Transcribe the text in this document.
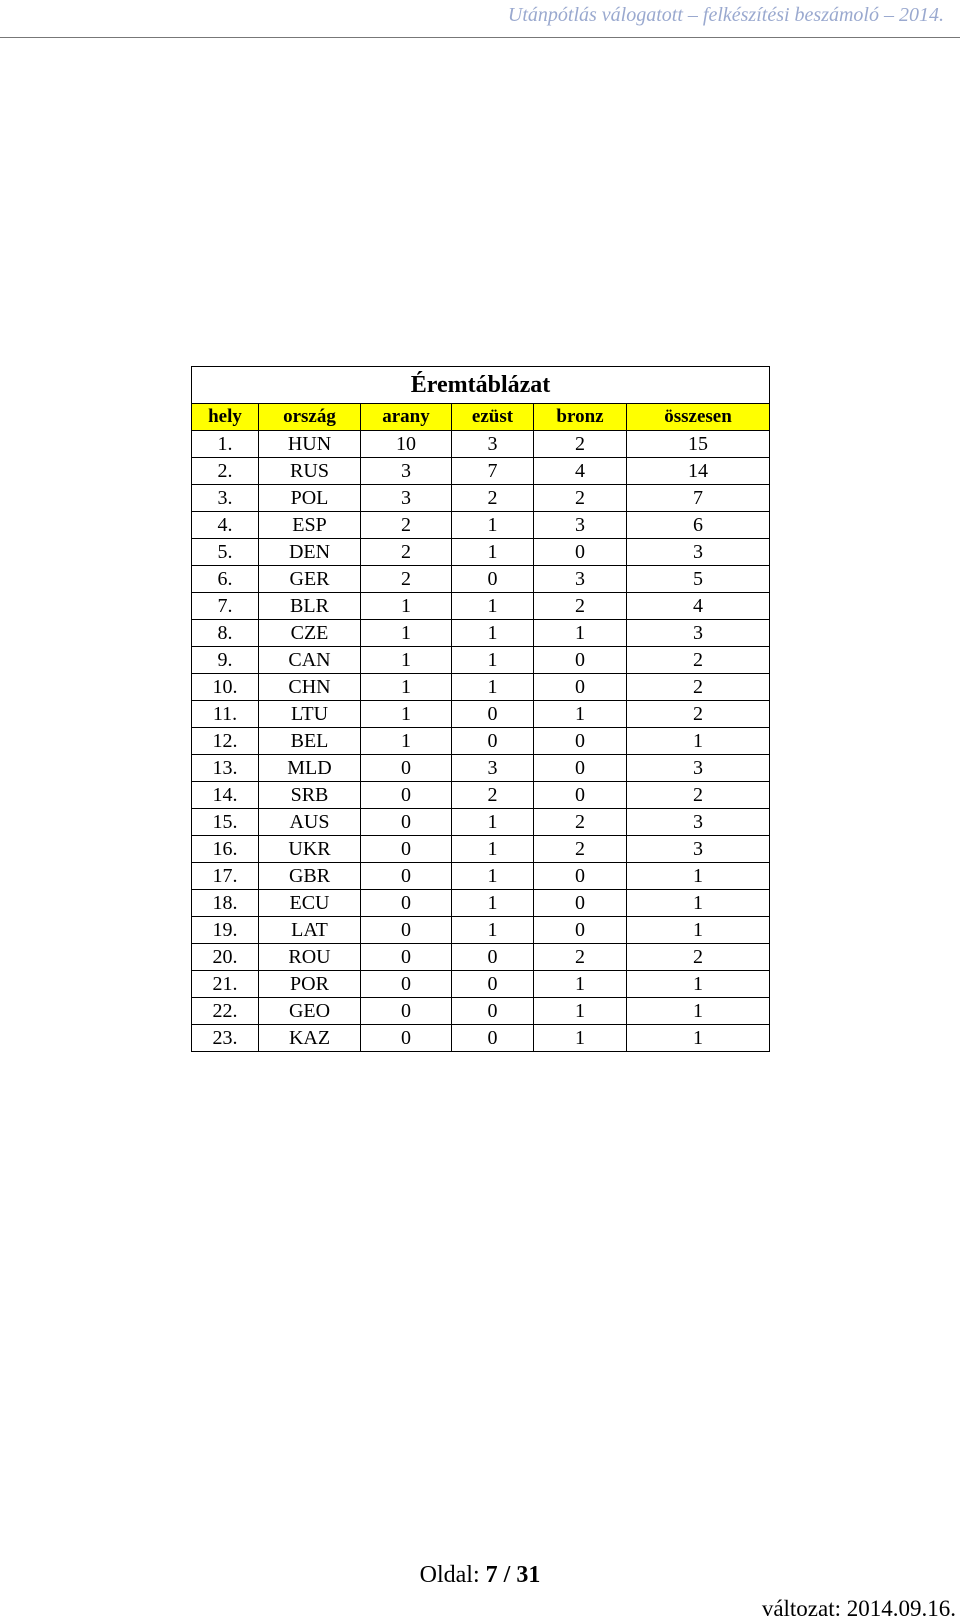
Utánpótlás válogatott – felkészítési beszámoló – 2014.
Éremtáblázat					
hely	ország	arany	ezüst	bronz	összesen
1.	HUN	10	3	2	15
2.	RUS	3	7	4	14
3.	POL	3	2	2	7
4.	ESP	2	1	3	6
5.	DEN	2	1	0	3
6.	GER	2	0	3	5
7.	BLR	1	1	2	4
8.	CZE	1	1	1	3
9.	CAN	1	1	0	2
10.	CHN	1	1	0	2
11.	LTU	1	0	1	2
12.	BEL	1	0	0	1
13.	MLD	0	3	0	3
14.	SRB	0	2	0	2
15.	AUS	0	1	2	3
16.	UKR	0	1	2	3
17.	GBR	0	1	0	1
18.	ECU	0	1	0	1
19.	LAT	0	1	0	1
20.	ROU	0	0	2	2
21.	POR	0	0	1	1
22.	GEO	0	0	1	1
23.	KAZ	0	0	1	1
Oldal: 7 / 31
változat: 2014.09.16.
